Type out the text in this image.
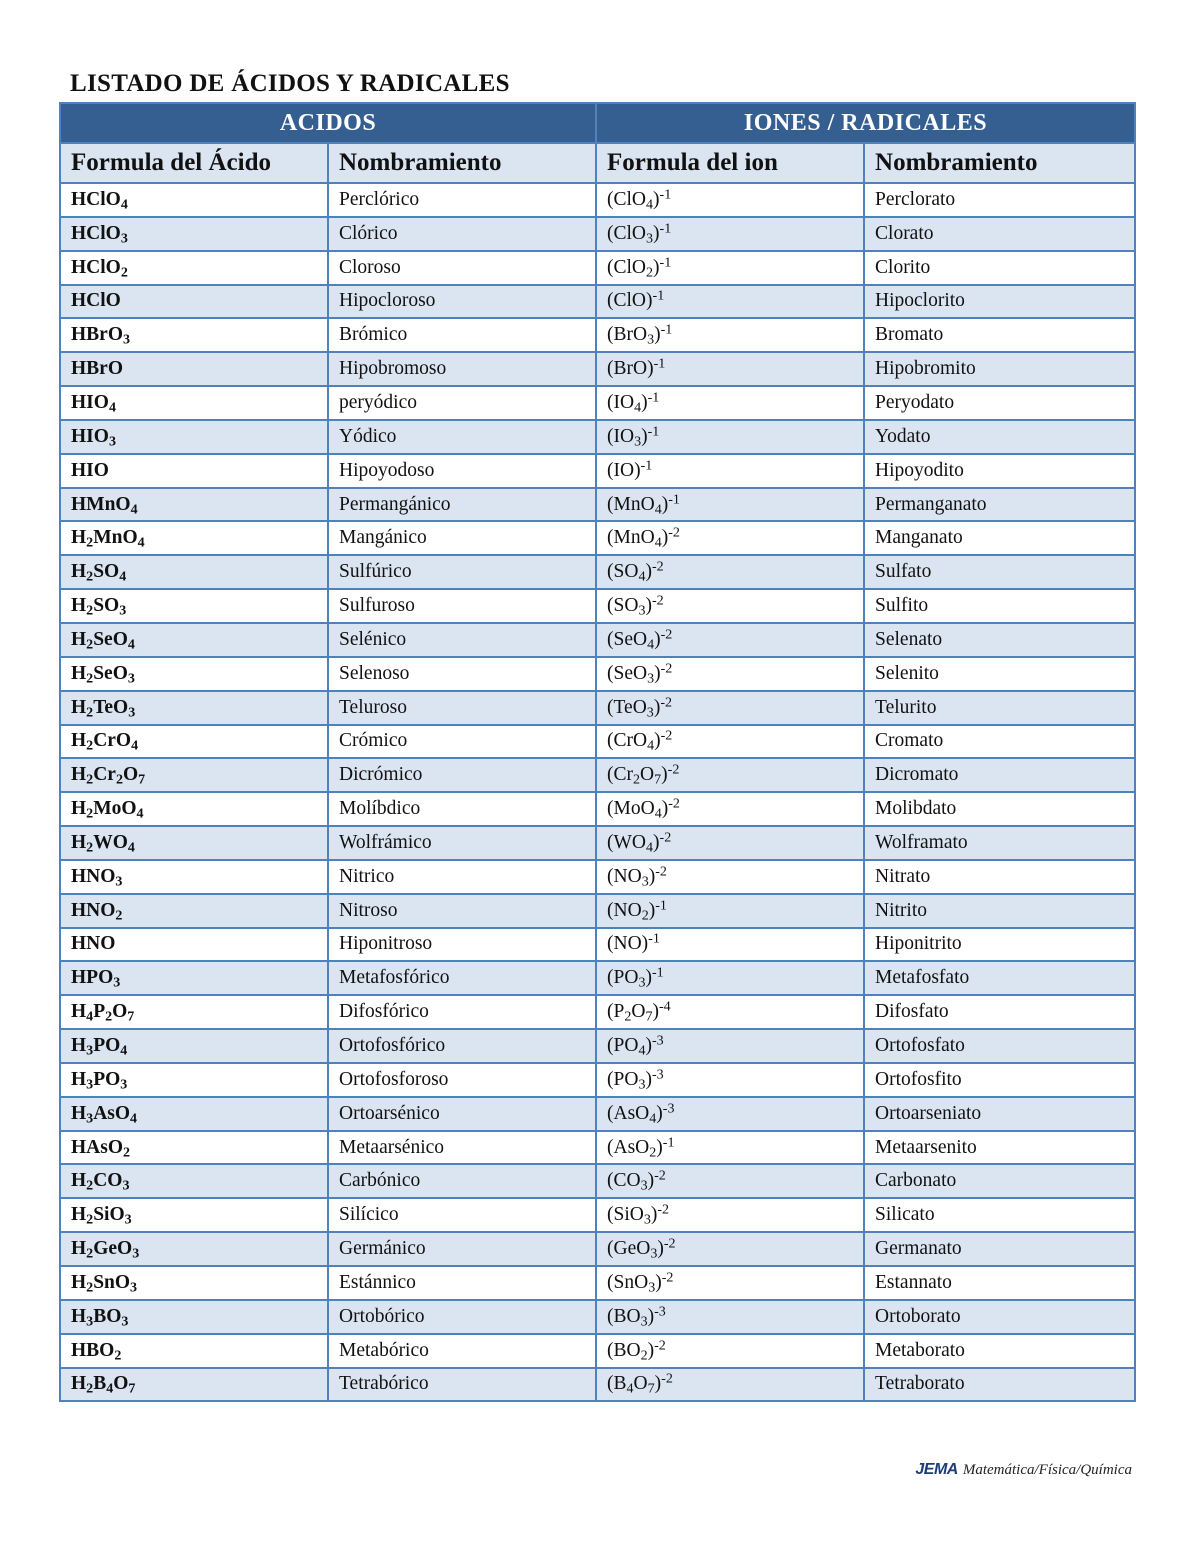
LISTADO DE ÁCIDOS Y RADICALES
ACIDOS		IONES / RADICALES	
Formula del Ácido	Nombramiento	Formula del ion	Nombramiento
HClO$_4$	Perclórico	$(ClO_4)^{-1}$	Perclorato
HClO$_3$	Clórico	$(ClO_3)^{-1}$	Clorato
HClO$_2$	Cloroso	$(ClO_2)^{-1}$	Clorito
HClO	Hipocloroso	(ClO)$^{-1}$	Hipoclorito
HBrO$_3$	Brómico	$(BrO_3)^{-1}$	Bromato
HBrO	Hipobromoso	(BrO)$^{-1}$	Hipobromito
$HIO_4$	peryódico	$(IO_4)^{-1}$	Peryodato
$HIO_3$	Yódico	$(IO_3)^{-1}$	Yodato
HIO	Hipoyodoso	(IO)$^{-1}$	Hipoyodito
HMnO$_4$	Permangánico	$(MnO_4)^{-1}$	Permanganato
$H_2MnO_4$	Mangánico	$(MnO_4)^{-2}$	Manganato
$H_2SO_4$	Sulfúrico	$(SO_4)^{-2}$	Sulfato
$H_2SO_3$	Sulfuroso	$(SO_3)^{-2}$	Sulfito
$H_2SeO_4$	Selénico	$(SeO_4)^{-2}$	Selenato
$H_2SeO_3$	Selenoso	$(SeO_3)^{-2}$	Selenito
$H_2TeO_3$	Teluroso	$(TeO_3)^{-2}$	Telurito
$H_2CrO_4$	Crómico	$(CrO_4)^{-2}$	Cromato
$H_2Cr_2O_7$	Dicrómico	$(Cr_2O_7)^{-2}$	Dicromato
$H_2MoO_4$	Molíbdico	$(MoO_4)^{-2}$	Molibdato
$H_2WO_4$	Wolfrámico	$(WO_4)^{-2}$	Wolframato
$HNO_3$	Nitrico	$(NO_3)^{-2}$	Nitrato
$HNO_2$	Nitroso	$(NO_2)^{-1}$	Nitrito
HNO	Hiponitroso	(NO)$^{-1}$	Hiponitrito
$HPO_3$	Metafosfórico	$(PO_3)^{-1}$	Metafosfato
$H_4P_2O_7$	Difosfórico	$(P_2O_7)^{-4}$	Difosfato
$H_3PO_4$	Ortofosfórico	$(PO_4)^{-3}$	Ortofosfato
$H_3PO_3$	Ortofosforoso	$(PO_3)^{-3}$	Ortofosfito
$H_3AsO_4$	Ortoarsénico	$(AsO_4)^{-3}$	Ortoarseniato
HAsO$_2$	Metaarsénico	$(AsO_2)^{-1}$	Metaarsenito
$H_2CO_3$	Carbónico	$(CO_3)^{-2}$	Carbonato
$H_2SiO_3$	Silícico	$(SiO_3)^{-2}$	Silicato
$H_2GeO_3$	Germánico	$(GeO_3)^{-2}$	Germanato
$H_2SnO_3$	Estánnico	$(SnO_3)^{-2}$	Estannato
$H_3BO_3$	Ortobórico	$(BO_3)^{-3}$	Ortoborato
$HBO_2$	Metabórico	$(BO_2)^{-2}$	Metaborato
$H_2B_4O_7$	Tetrabórico	$(B_4O_7)^{-2}$	Tetraborato
JEMA Matemática/Física/Química
